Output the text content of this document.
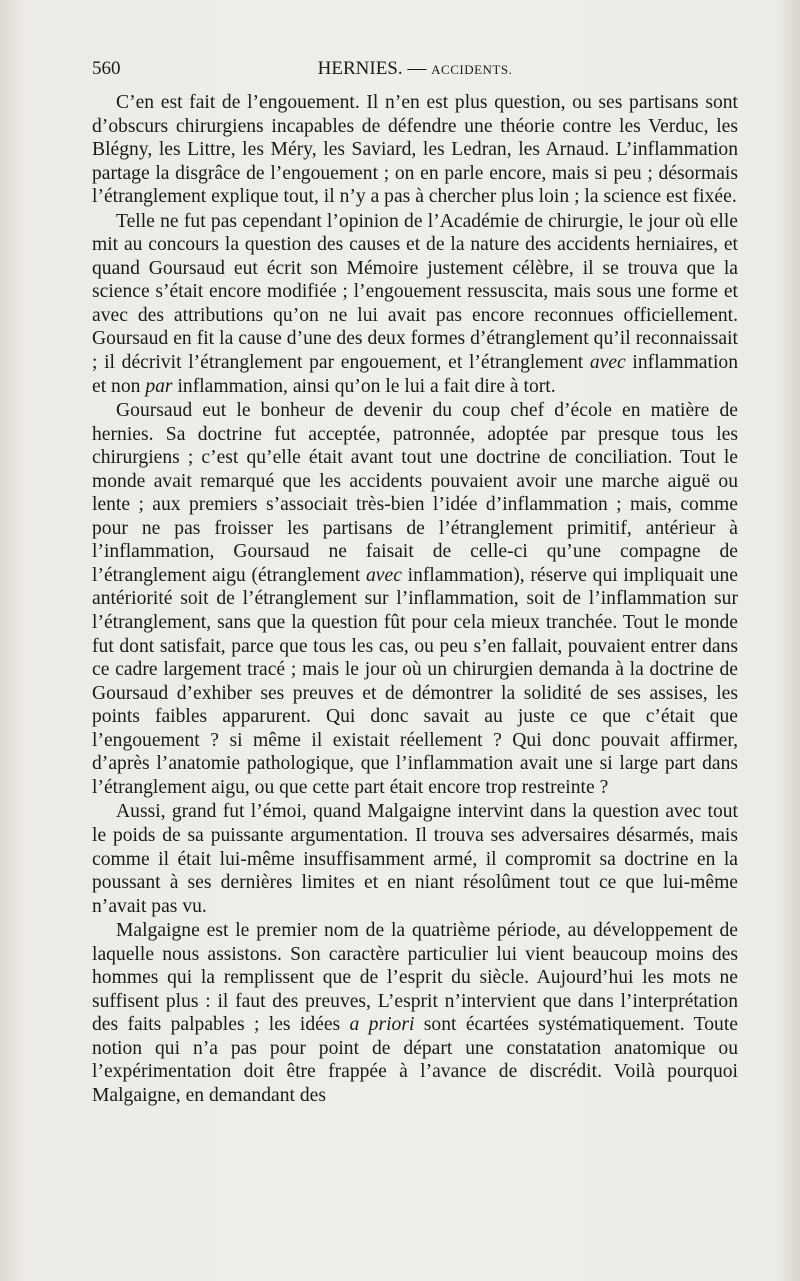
560	HERNIES. — ACCIDENTS.

C’en est fait de l’engouement. Il n’en est plus question, ou ses partisans sont d’obscurs chirurgiens incapables de défendre une théorie contre les Verduc, les Blégny, les Littre, les Méry, les Saviard, les Ledran, les Arnaud. L’inflammation partage la disgrâce de l’engouement ; on en parle encore, mais si peu ; désormais l’étranglement explique tout, il n’y a pas à chercher plus loin ; la science est fixée.

Telle ne fut pas cependant l’opinion de l’Académie de chirurgie, le jour où elle mit au concours la question des causes et de la nature des accidents herniaires, et quand Goursaud eut écrit son Mémoire justement célèbre, il se trouva que la science s’était encore modifiée ; l’engouement ressuscita, mais sous une forme et avec des attributions qu’on ne lui avait pas encore reconnues officiellement. Goursaud en fit la cause d’une des deux formes d’étranglement qu’il reconnaissait ; il décrivit l’étranglement par engouement, et l’étranglement avec inflammation et non par inflammation, ainsi qu’on le lui a fait dire à tort.

Goursaud eut le bonheur de devenir du coup chef d’école en matière de hernies. Sa doctrine fut acceptée, patronnée, adoptée par presque tous les chirurgiens ; c’est qu’elle était avant tout une doctrine de conciliation. Tout le monde avait remarqué que les accidents pouvaient avoir une marche aiguë ou lente ; aux premiers s’associait très-bien l’idée d’inflammation ; mais, comme pour ne pas froisser les partisans de l’étranglement primitif, antérieur à l’inflammation, Goursaud ne faisait de celle-ci qu’une compagne de l’étranglement aigu (étranglement avec inflammation), réserve qui impliquait une antériorité soit de l’étranglement sur l’inflammation, soit de l’inflammation sur l’étranglement, sans que la question fût pour cela mieux tranchée. Tout le monde fut dont satisfait, parce que tous les cas, ou peu s’en fallait, pouvaient entrer dans ce cadre largement tracé ; mais le jour où un chirurgien demanda à la doctrine de Goursaud d’exhiber ses preuves et de démontrer la solidité de ses assises, les points faibles apparurent. Qui donc savait au juste ce que c’était que l’engouement ? si même il existait réellement ? Qui donc pouvait affirmer, d’après l’anatomie pathologique, que l’inflammation avait une si large part dans l’étranglement aigu, ou que cette part était encore trop restreinte ?

Aussi, grand fut l’émoi, quand Malgaigne intervint dans la question avec tout le poids de sa puissante argumentation. Il trouva ses adversaires désarmés, mais comme il était lui-même insuffisamment armé, il compromit sa doctrine en la poussant à ses dernières limites et en niant résolûment tout ce que lui-même n’avait pas vu.

Malgaigne est le premier nom de la quatrième période, au développement de laquelle nous assistons. Son caractère particulier lui vient beaucoup moins des hommes qui la remplissent que de l’esprit du siècle. Aujourd’hui les mots ne suffisent plus : il faut des preuves, L’esprit n’intervient que dans l’interprétation des faits palpables ; les idées a priori sont écartées systématiquement. Toute notion qui n’a pas pour point de départ une constatation anatomique ou l’expérimentation doit être frappée à l’avance de discrédit. Voilà pourquoi Malgaigne, en demandant des
